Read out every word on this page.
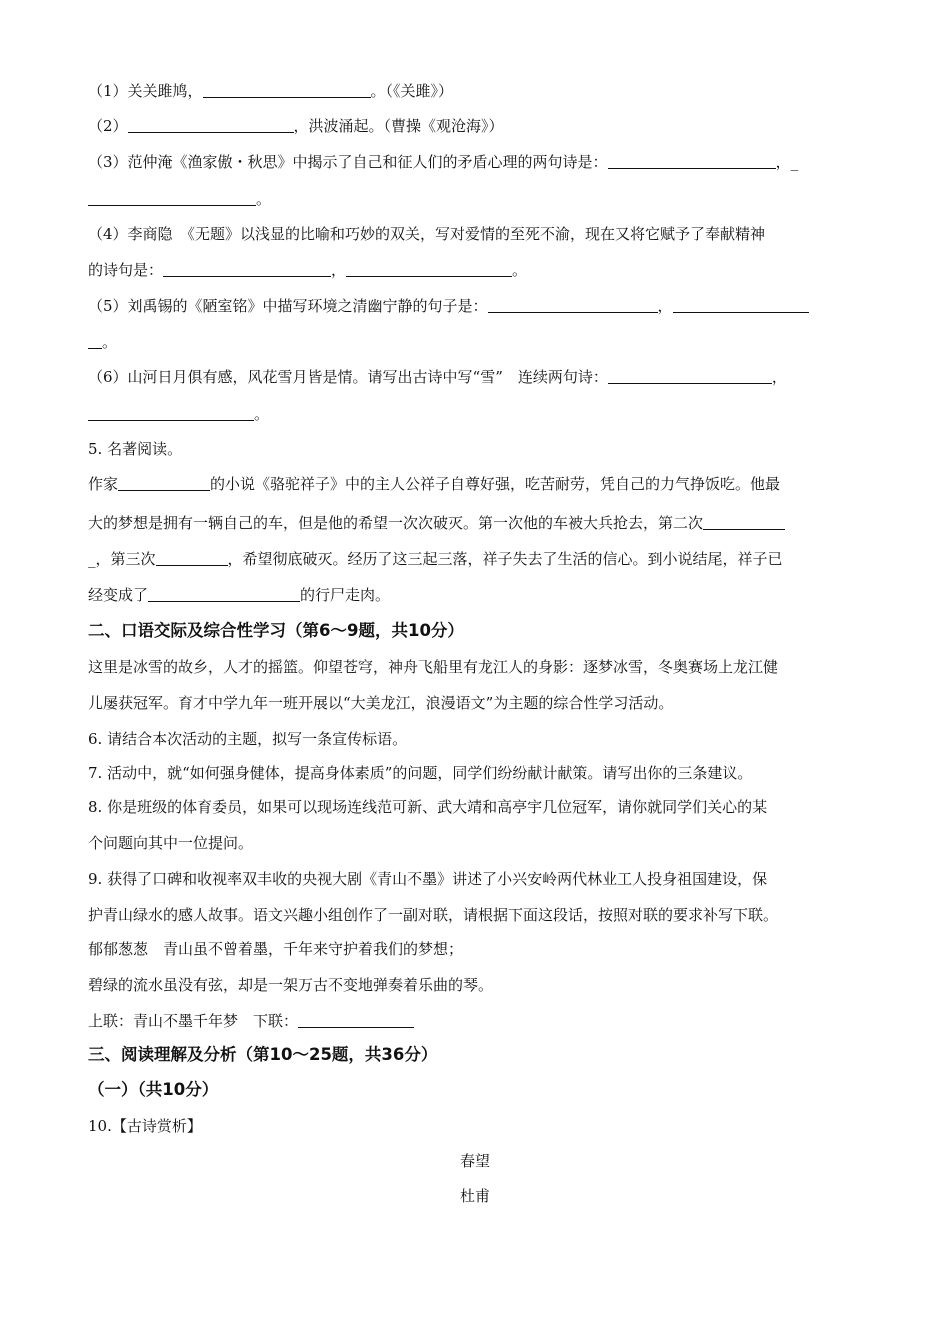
（1）关关雎鸠，	。（《关雎》）
（2）	，洪波涌起。（曹操《观沧海》）
（3）范仲淹《渔家傲・秋思》中揭示了自己和征人们的矛盾心理的两句诗是：	，_
。
（4）李商隐　《无题》以浅显的比喻和巧妙的双关，写对爱情的至死不渝，现在又将它赋予了奉献精神
的诗句是：	，	。
（5）刘禹锡的《陋室铭》中描写环境之清幽宁静的句子是：	，
。
（6）山河日月俱有感，风花雪月皆是情。请写出古诗中写“雪”　连续两句诗：	，
。
5. 名著阅读。
作家	的小说《骆驼祥子》中的主人公祥子自尊好强，吃苦耐劳，凭自己的力气挣饭吃。他最
大的梦想是拥有一辆自己的车，但是他的希望一次次破灭。第一次他的车被大兵抢去，第二次
_，第三次	，希望彻底破灭。经历了这三起三落，祥子失去了生活的信心。到小说结尾，祥子已
经变成了	的行尸走肉。
二、口语交际及综合性学习（第6～9题，共10分）
这里是冰雪的故乡，人才的摇篮。仰望苍穹，神舟飞船里有龙江人的身影：逐梦冰雪，冬奥赛场上龙江健
儿屡获冠军。育才中学九年一班开展以“大美龙江，浪漫语文”为主题的综合性学习活动。
6. 请结合本次活动的主题，拟写一条宣传标语。
7. 活动中，就“如何强身健体，提高身体素质”的问题，同学们纷纷献计献策。请写出你的三条建议。
8. 你是班级的体育委员，如果可以现场连线范可新、武大靖和高亭宇几位冠军，请你就同学们关心的某
个问题向其中一位提问。
9. 获得了口碑和收视率双丰收的央视大剧《青山不墨》讲述了小兴安岭两代林业工人投身祖国建设，保
护青山绿水的感人故事。语文兴趣小组创作了一副对联，请根据下面这段话，按照对联的要求补写下联。
郁郁葱葱　青山虽不曾着墨，千年来守护着我们的梦想；
碧绿的流水虽没有弦，却是一架万古不变地弹奏着乐曲的琴。
上联：青山不墨千年梦　下联：
三、阅读理解及分析（第10～25题，共36分）
（一）（共10分）
10.【古诗赏析】
春望
杜甫
